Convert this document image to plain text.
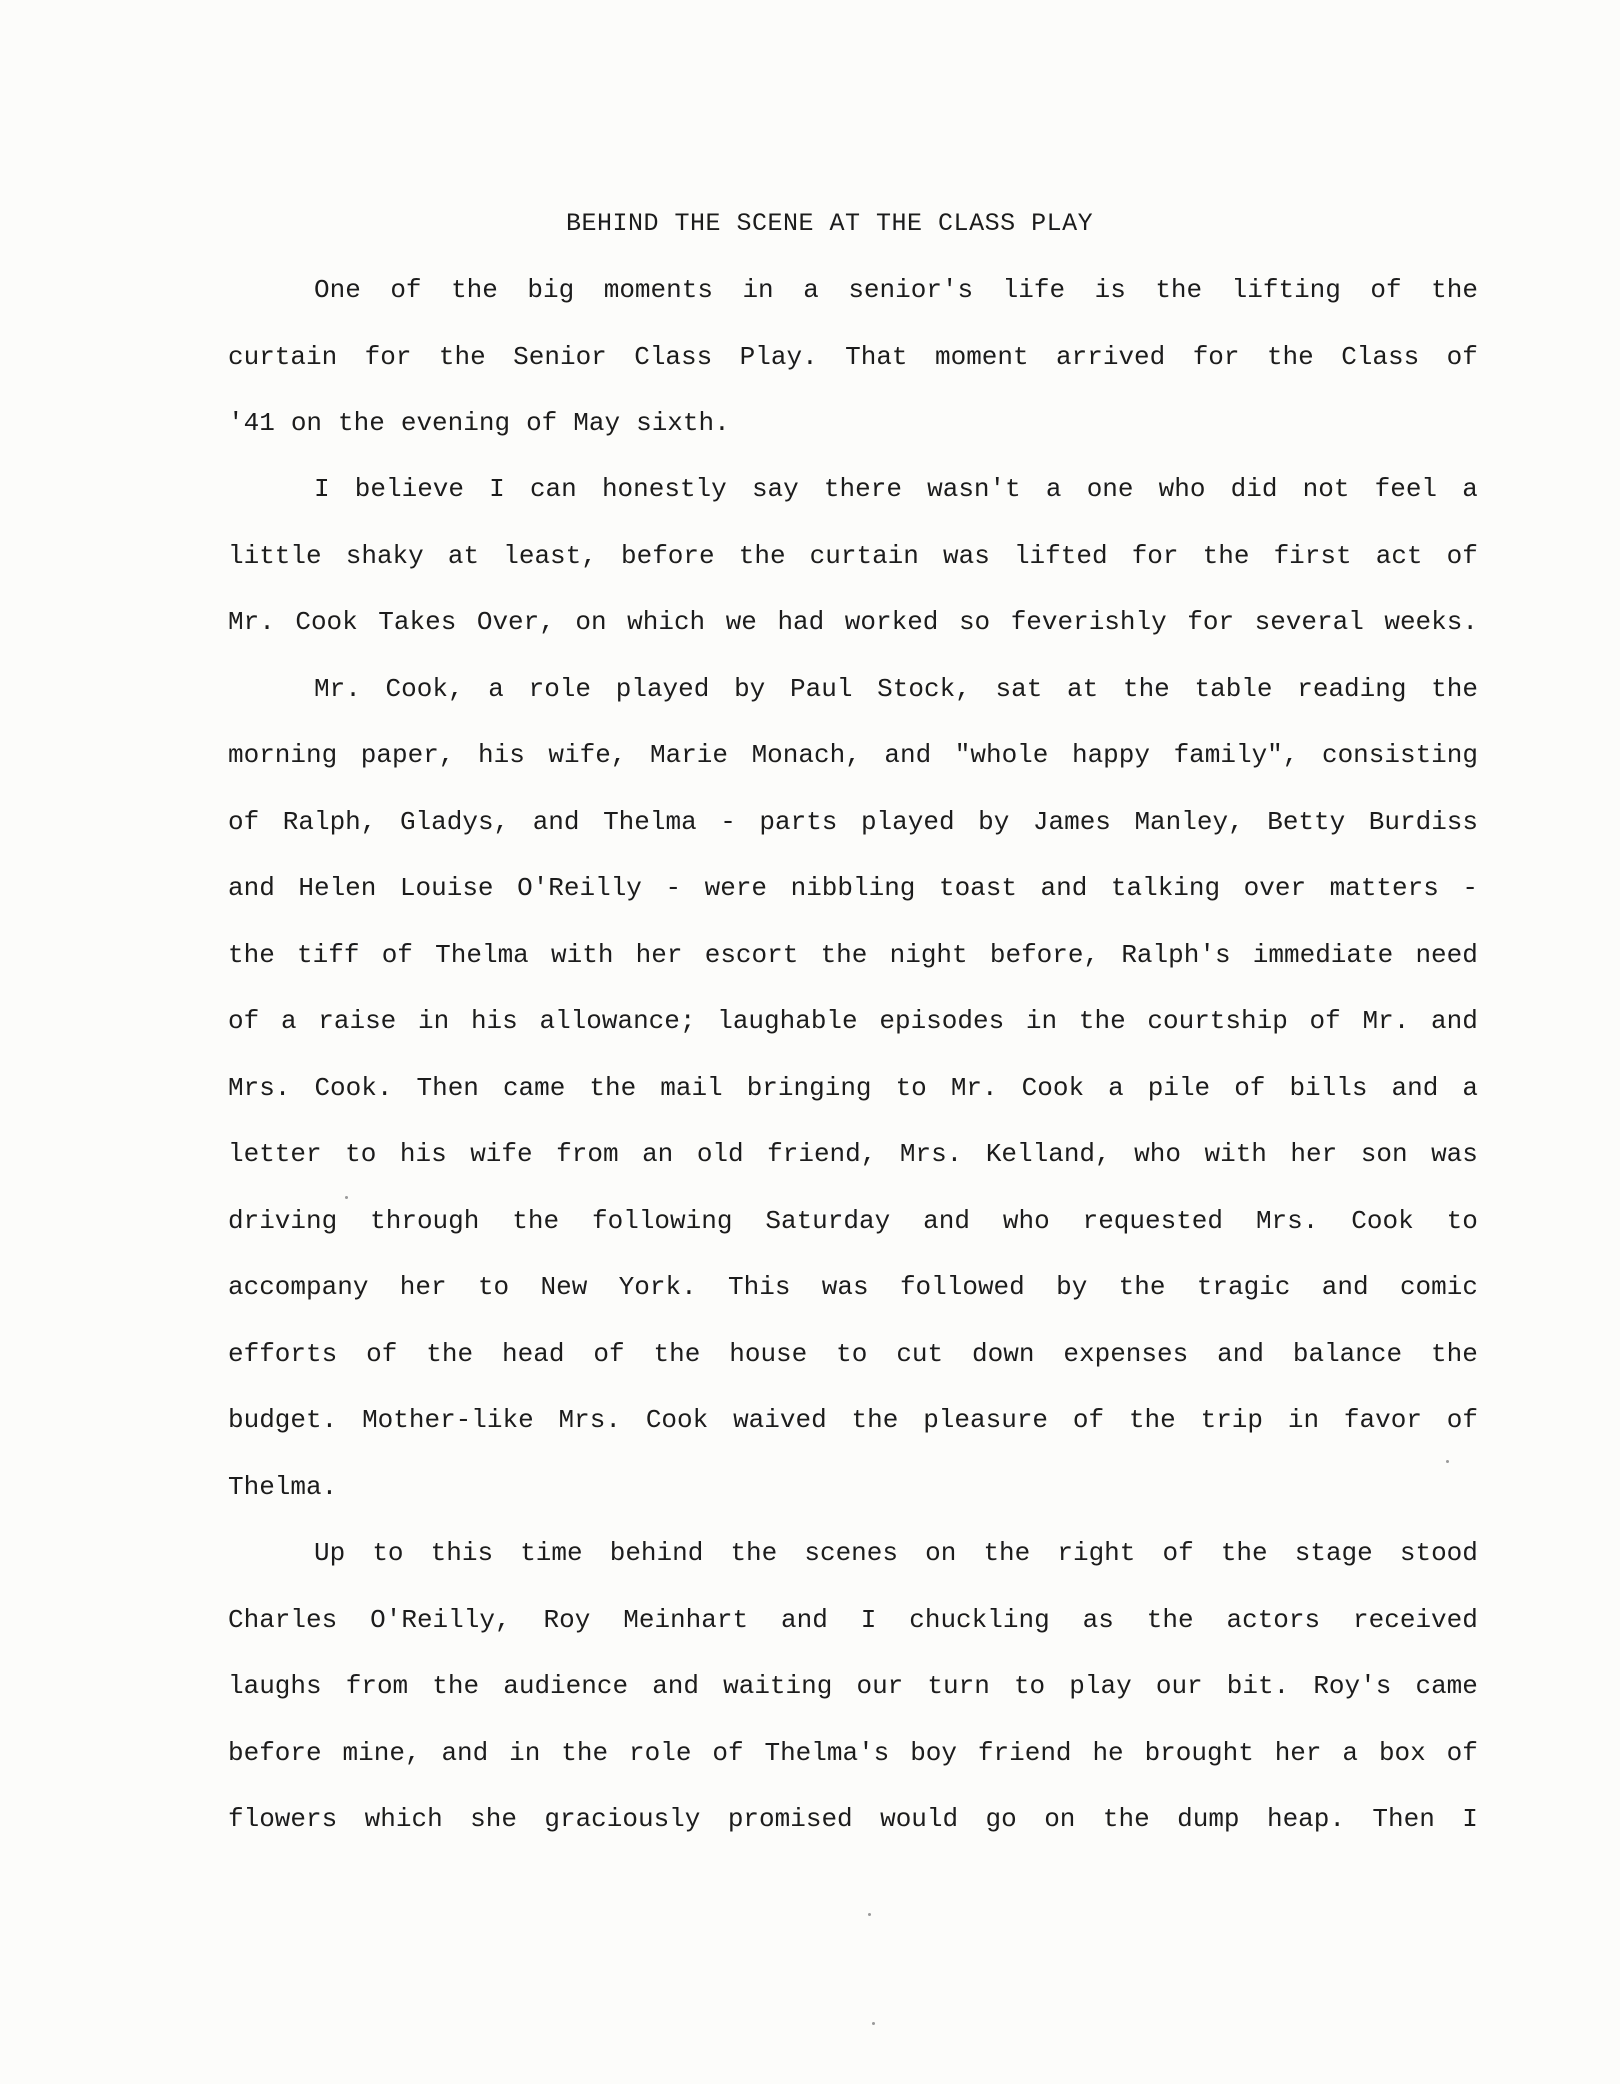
BEHIND THE SCENE AT THE CLASS PLAY
One of the big moments in a senior's life is the lifting of the
curtain for the Senior Class Play. That moment arrived for the Class of
'41 on the evening of May sixth.
I believe I can honestly say there wasn't a one who did not feel a
little shaky at least, before the curtain was lifted for the first act of
Mr. Cook Takes Over, on which we had worked so feverishly for several weeks.
Mr. Cook, a role played by Paul Stock, sat at the table reading the
morning paper, his wife, Marie Monach, and "whole happy family", consisting
of Ralph, Gladys, and Thelma - parts played by James Manley, Betty Burdiss
and Helen Louise O'Reilly - were nibbling toast and talking over matters -
the tiff of Thelma with her escort the night before, Ralph's immediate need
of a raise in his allowance; laughable episodes in the courtship of Mr. and
Mrs. Cook. Then came the mail bringing to Mr. Cook a pile of bills and a
letter to his wife from an old friend, Mrs. Kelland, who with her son was
driving through the following Saturday and who requested Mrs. Cook to
accompany her to New York. This was followed by the tragic and comic
efforts of the head of the house to cut down expenses and balance the
budget. Mother-like Mrs. Cook waived the pleasure of the trip in favor of
Thelma.
Up to this time behind the scenes on the right of the stage stood
Charles O'Reilly, Roy Meinhart and I chuckling as the actors received
laughs from the audience and waiting our turn to play our bit. Roy's came
before mine, and in the role of Thelma's boy friend he brought her a box of
flowers which she graciously promised would go on the dump heap. Then I
